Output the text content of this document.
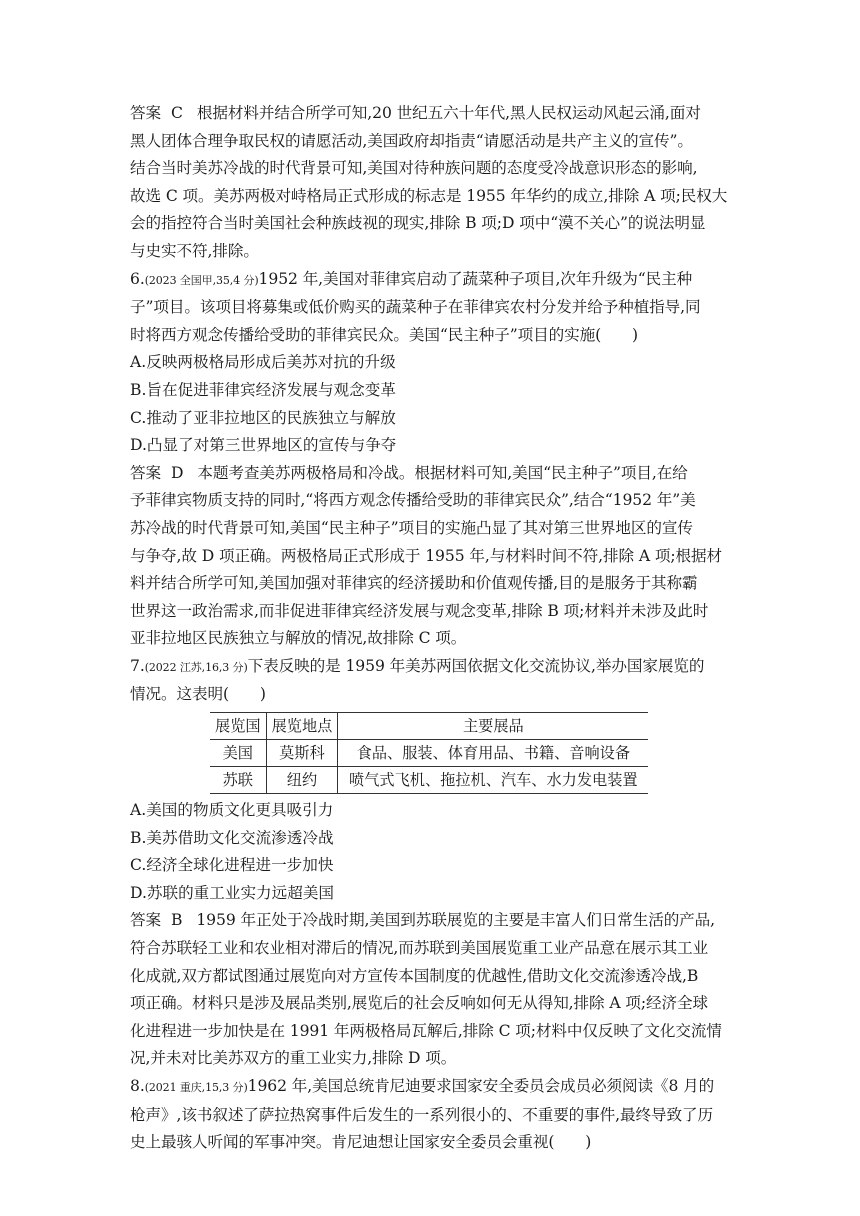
答案 C 根据材料并结合所学可知,20 世纪五六十年代,黑人民权运动风起云涌,面对
黑人团体合理争取民权的请愿活动,美国政府却指责“请愿活动是共产主义的宣传”。
结合当时美苏冷战的时代背景可知,美国对待种族问题的态度受冷战意识形态的影响,
故选 C 项。美苏两极对峙格局正式形成的标志是 1955 年华约的成立,排除 A 项;民权大
会的指控符合当时美国社会种族歧视的现实,排除 B 项;D 项中“漠不关心”的说法明显
与史实不符,排除。
6.(2023 全国甲,35,4 分)1952 年,美国对菲律宾启动了蔬菜种子项目,次年升级为“民主种
子”项目。该项目将募集或低价购买的蔬菜种子在菲律宾农村分发并给予种植指导,同
时将西方观念传播给受助的菲律宾民众。美国“民主种子”项目的实施(　　)
A.反映两极格局形成后美苏对抗的升级
B.旨在促进菲律宾经济发展与观念变革
C.推动了亚非拉地区的民族独立与解放
D.凸显了对第三世界地区的宣传与争夺
答案 D 本题考查美苏两极格局和冷战。根据材料可知,美国“民主种子”项目,在给
予菲律宾物质支持的同时,“将西方观念传播给受助的菲律宾民众”,结合“1952 年”美
苏冷战的时代背景可知,美国“民主种子”项目的实施凸显了其对第三世界地区的宣传
与争夺,故 D 项正确。两极格局正式形成于 1955 年,与材料时间不符,排除 A 项;根据材
料并结合所学可知,美国加强对菲律宾的经济援助和价值观传播,目的是服务于其称霸
世界这一政治需求,而非促进菲律宾经济发展与观念变革,排除 B 项;材料并未涉及此时
亚非拉地区民族独立与解放的情况,故排除 C 项。
7.(2022 江苏,16,3 分)下表反映的是 1959 年美苏两国依据文化交流协议,举办国家展览的
情况。这表明(　　)
展览国	展览地点	主要展品
美国	莫斯科	食品、服装、体育用品、书籍、音响设备
苏联	纽约	喷气式飞机、拖拉机、汽车、水力发电装置
A.美国的物质文化更具吸引力
B.美苏借助文化交流渗透冷战
C.经济全球化进程进一步加快
D.苏联的重工业实力远超美国
答案 B 1959 年正处于冷战时期,美国到苏联展览的主要是丰富人们日常生活的产品,
符合苏联轻工业和农业相对滞后的情况,而苏联到美国展览重工业产品意在展示其工业
化成就,双方都试图通过展览向对方宣传本国制度的优越性,借助文化交流渗透冷战,B
项正确。材料只是涉及展品类别,展览后的社会反响如何无从得知,排除 A 项;经济全球
化进程进一步加快是在 1991 年两极格局瓦解后,排除 C 项;材料中仅反映了文化交流情
况,并未对比美苏双方的重工业实力,排除 D 项。
8.(2021 重庆,15,3 分)1962 年,美国总统肯尼迪要求国家安全委员会成员必须阅读《8 月的
枪声》,该书叙述了萨拉热窝事件后发生的一系列很小的、不重要的事件,最终导致了历
史上最骇人听闻的军事冲突。肯尼迪想让国家安全委员会重视(　　)
